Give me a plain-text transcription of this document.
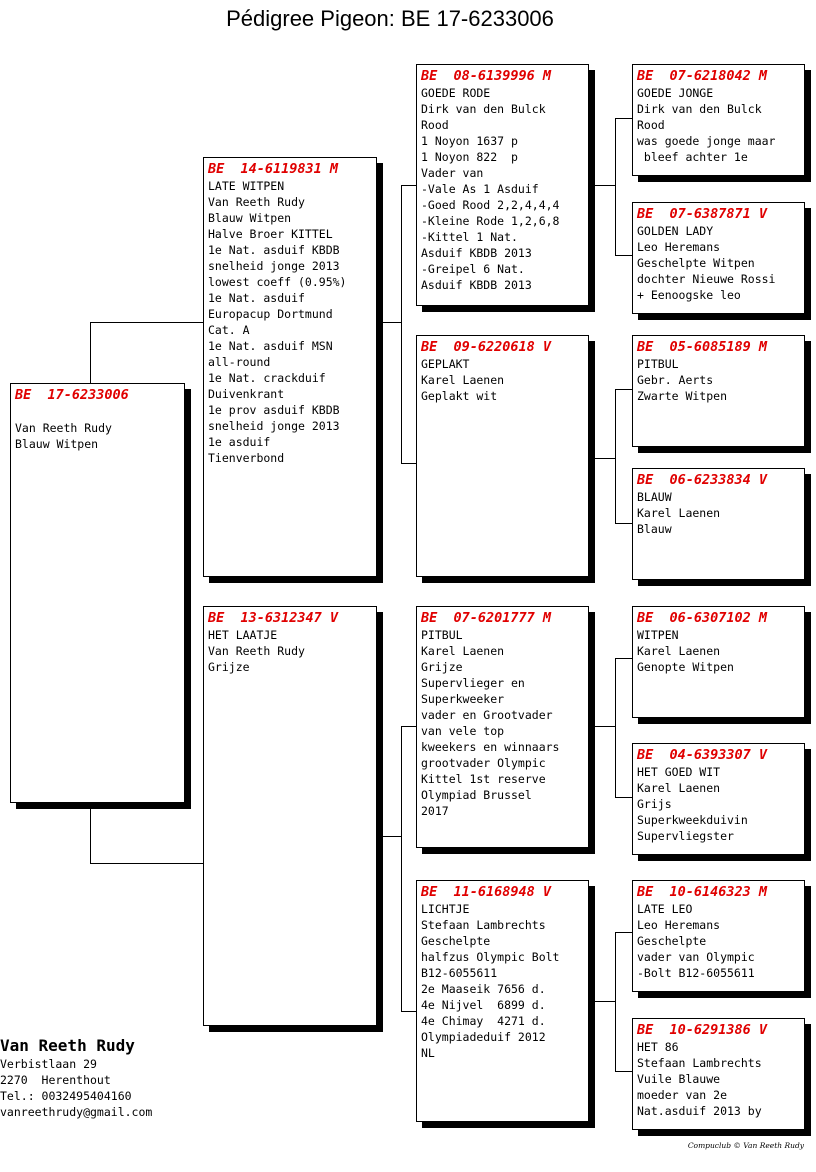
Pédigree Pigeon: BE 17-6233006
BE  17-6233006
Van Reeth Rudy
Blauw Witpen
BE  14-6119831 M
LATE WITPEN
Van Reeth Rudy
Blauw Witpen
Halve Broer KITTEL
1e Nat. asduif KBDB
snelheid jonge 2013
lowest coeff (0.95%)
1e Nat. asduif
Europacup Dortmund
Cat. A
1e Nat. asduif MSN
all-round
1e Nat. crackduif
Duivenkrant
1e prov asduif KBDB
snelheid jonge 2013
1e asduif
Tienverbond
BE  13-6312347 V
HET LAATJE
Van Reeth Rudy
Grijze
BE  08-6139996 M
GOEDE RODE
Dirk van den Bulck
Rood
1 Noyon 1637 p
1 Noyon 822  p
Vader van
-Vale As 1 Asduif
-Goed Rood 2,2,4,4,4
-Kleine Rode 1,2,6,8
-Kittel 1 Nat.
Asduif KBDB 2013
-Greipel 6 Nat.
Asduif KBDB 2013
BE  09-6220618 V
GEPLAKT
Karel Laenen
Geplakt wit
BE  07-6201777 M
PITBUL
Karel Laenen
Grijze
Supervlieger en
Superkweeker
vader en Grootvader
van vele top
kweekers en winnaars
grootvader Olympic
Kittel 1st reserve
Olympiad Brussel
2017
BE  11-6168948 V
LICHTJE
Stefaan Lambrechts
Geschelpte
halfzus Olympic Bolt
B12-6055611
2e Maaseik 7656 d.
4e Nijvel  6899 d.
4e Chimay  4271 d.
Olympiadeduif 2012
NL
BE  07-6218042 M
GOEDE JONGE
Dirk van den Bulck
Rood
was goede jonge maar
bleef achter 1e
BE  07-6387871 V
GOLDEN LADY
Leo Heremans
Geschelpte Witpen
dochter Nieuwe Rossi
+ Eenoogske leo
BE  05-6085189 M
PITBUL
Gebr. Aerts
Zwarte Witpen
BE  06-6233834 V
BLAUW
Karel Laenen
Blauw
BE  06-6307102 M
WITPEN
Karel Laenen
Genopte Witpen
BE  04-6393307 V
HET GOED WIT
Karel Laenen
Grijs
Superkweekduivin
Supervliegster
BE  10-6146323 M
LATE LEO
Leo Heremans
Geschelpte
vader van Olympic
-Bolt B12-6055611
BE  10-6291386 V
HET 86
Stefaan Lambrechts
Vuile Blauwe
moeder van 2e
Nat.asduif 2013 by
Van Reeth Rudy
Verbistlaan 29
2270  Herenthout
Tel.: 0032495404160
vanreethrudy@gmail.com
Compuclub © Van Reeth Rudy
